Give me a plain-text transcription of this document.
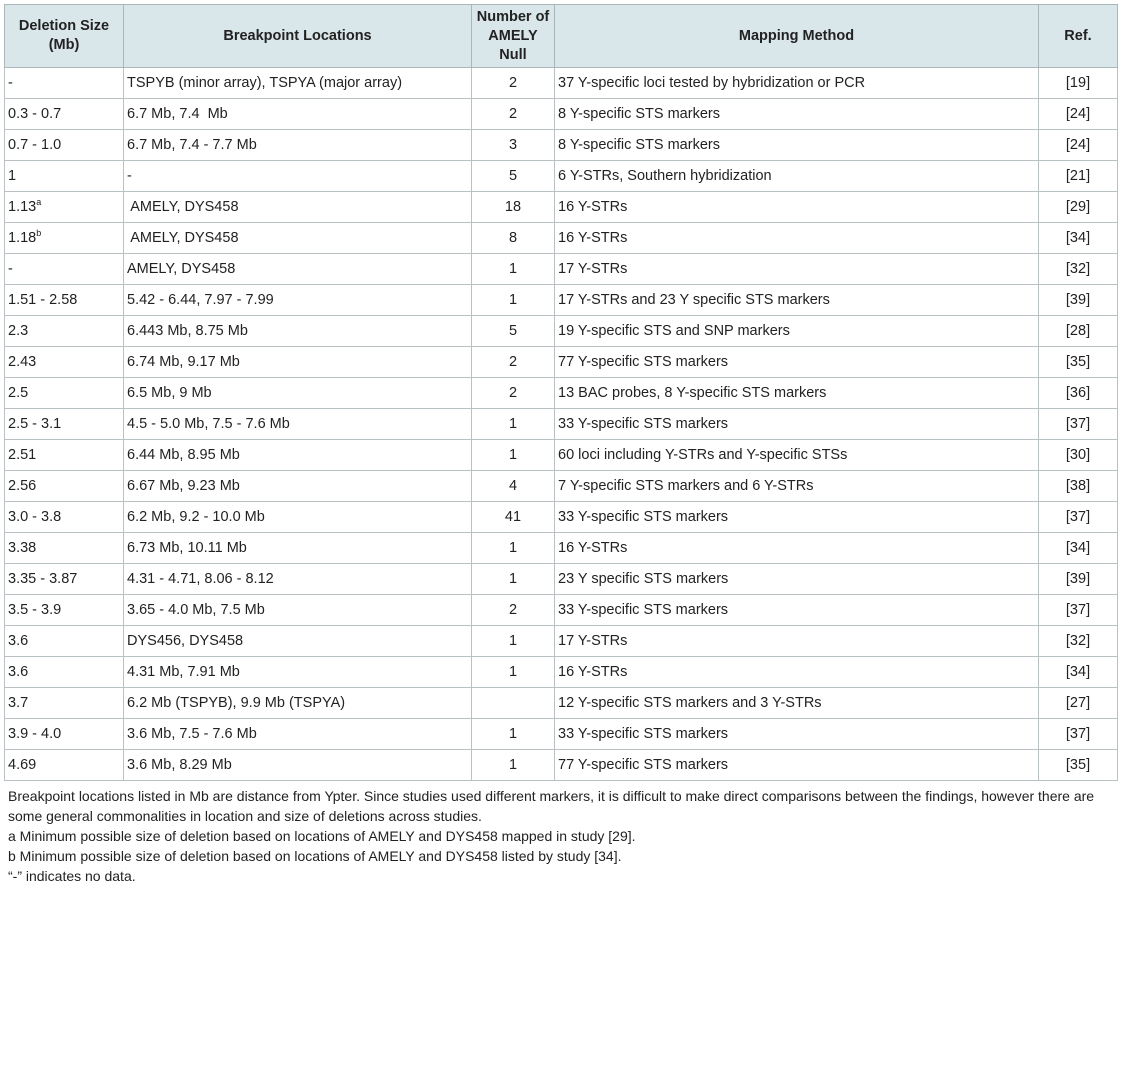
Deletion Size (Mb)	Breakpoint Locations	Number of AMELY Null	Mapping Method	Ref.
-	TSPYB (minor array), TSPYA (major array)	2	37 Y-specific loci tested by hybridization or PCR	[19]
0.3 - 0.7	6.7 Mb, 7.4  Mb	2	8 Y-specific STS markers	[24]
0.7 - 1.0	6.7 Mb, 7.4 - 7.7 Mb	3	8 Y-specific STS markers	[24]
1	-	5	6 Y-STRs, Southern hybridization	[21]
1.13$^a$	AMELY, DYS458	18	16 Y-STRs	[29]
1.18$^b$	AMELY, DYS458	8	16 Y-STRs	[34]
-	AMELY, DYS458	1	17 Y-STRs	[32]
1.51 - 2.58	5.42 - 6.44, 7.97 - 7.99	1	17 Y-STRs and 23 Y specific STS markers	[39]
2.3	6.443 Mb, 8.75 Mb	5	19 Y-specific STS and SNP markers	[28]
2.43	6.74 Mb, 9.17 Mb	2	77 Y-specific STS markers	[35]
2.5	6.5 Mb, 9 Mb	2	13 BAC probes, 8 Y-specific STS markers	[36]
2.5 - 3.1	4.5 - 5.0 Mb, 7.5 - 7.6 Mb	1	33 Y-specific STS markers	[37]
2.51	6.44 Mb, 8.95 Mb	1	60 loci including Y-STRs and Y-specific STSs	[30]
2.56	6.67 Mb, 9.23 Mb	4	7 Y-specific STS markers and 6 Y-STRs	[38]
3.0 - 3.8	6.2 Mb, 9.2 - 10.0 Mb	41	33 Y-specific STS markers	[37]
3.38	6.73 Mb, 10.11 Mb	1	16 Y-STRs	[34]
3.35 - 3.87	4.31 - 4.71, 8.06 - 8.12	1	23 Y specific STS markers	[39]
3.5 - 3.9	3.65 - 4.0 Mb, 7.5 Mb	2	33 Y-specific STS markers	[37]
3.6	DYS456, DYS458	1	17 Y-STRs	[32]
3.6	4.31 Mb, 7.91 Mb	1	16 Y-STRs	[34]
3.7	6.2 Mb (TSPYB), 9.9 Mb (TSPYA)		12 Y-specific STS markers and 3 Y-STRs	[27]
3.9 - 4.0	3.6 Mb, 7.5 - 7.6 Mb	1	33 Y-specific STS markers	[37]
4.69	3.6 Mb, 8.29 Mb	1	77 Y-specific STS markers	[35]

Breakpoint locations listed in Mb are distance from Ypter. Since studies used different markers, it is difficult to make direct comparisons between the findings, however there are some general commonalities in location and size of deletions across studies.

a Minimum possible size of deletion based on locations of AMELY and DYS458 mapped in study [29].

b Minimum possible size of deletion based on locations of AMELY and DYS458 listed by study [34].

“-” indicates no data.
